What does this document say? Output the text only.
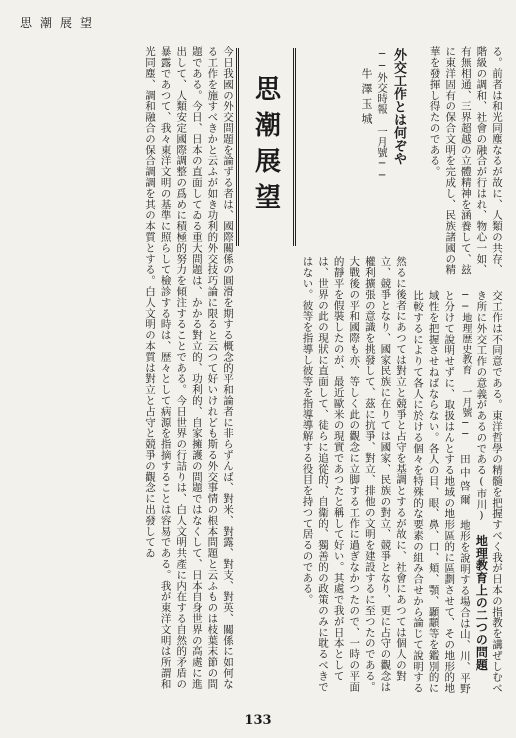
思潮展望
思潮展望	外交工作とは何ぞや
──外交時報 一月號──
牛澤玉城	る。前者は和光同塵なるが故に、人類の共存、階級の調和、社會の融合が行はれ、物心一如、有無相通、三界超越の立體精神を涵養して、玆に東洋固有の保合文明を完成し、民族諸國の精華を發揮し得たのである。
交工作は不同意である。東洋哲學の精髓を把握すべく我が日本の指教を講ぜしむべき所に外交工作の意義があるのである(市川) 地理教育上の二つの問題 ──地理歴史教育 一月號── 田中啓爾 地形を說明する場合は山、川、平野と分けて說明せずに、取扱はんとする地域の地形區的に區劃させて、その地形的地域性を把握させねばならない。各人の目、眼、鼻、口、頬、顎、顳顬等を鑑別的に比較するによりて各人に於ける個々を特殊的な要素の組み合せから論じて說明する
然るに後者にあつては對立と競爭と占守を基調とするが故に、社會にあつては個人の對立、競爭となり、國家民族に在りては國家、民族の對立、競爭となり、更に占守の觀念は權利擴張の意識を挑發して、茲に抗爭、對立、排他の文明を建設するに至つたのである。大戰後の平和國際も亦、等しく此の觀念に立脚する工作に過ぎなかつたので、一時の平面的靜平を假裝したのが、最近歐米の現實であつたと稱して好い。其處で我が日本としては、世界の此の現狀に直面して、徒らに追從的、自衞的、獨善的の政策のみに耽るべきではない。彼等を指導し彼等を指導導解する役目を持つて居るのである。
今日我國の外交問題を論ずる者は、國際關係の圓滑を期する概念的平和論者に非らずんば、對米、對露、對支、對英、關係に如何なる工作を施すべきかと云ふが如き功利的外交技巧論に限ると云つて好いけれども斯る外交事情の根本問題と云ふものは枝葉末節の問題である。今日、日本の直面してゐる重大問題は、かかる對立的、功利的、自家擁護の問題ではなくして、日本自身世界の高處に進出して、人類安定國際調整の爲めに積極的努力を傾注することである。今日世界の行詰りは、白人文明共產に内在する自然的矛盾の暴露であつて、我々東洋文明の基準に照らして檢診する時は、歴々として病源を指摘することは容易である。我が東洋文明は所謂和光同塵、調和融合の保合調調を其の本質とする。白人文明の本質は對立と占守と競爭の觀念に出發してゐ
133
